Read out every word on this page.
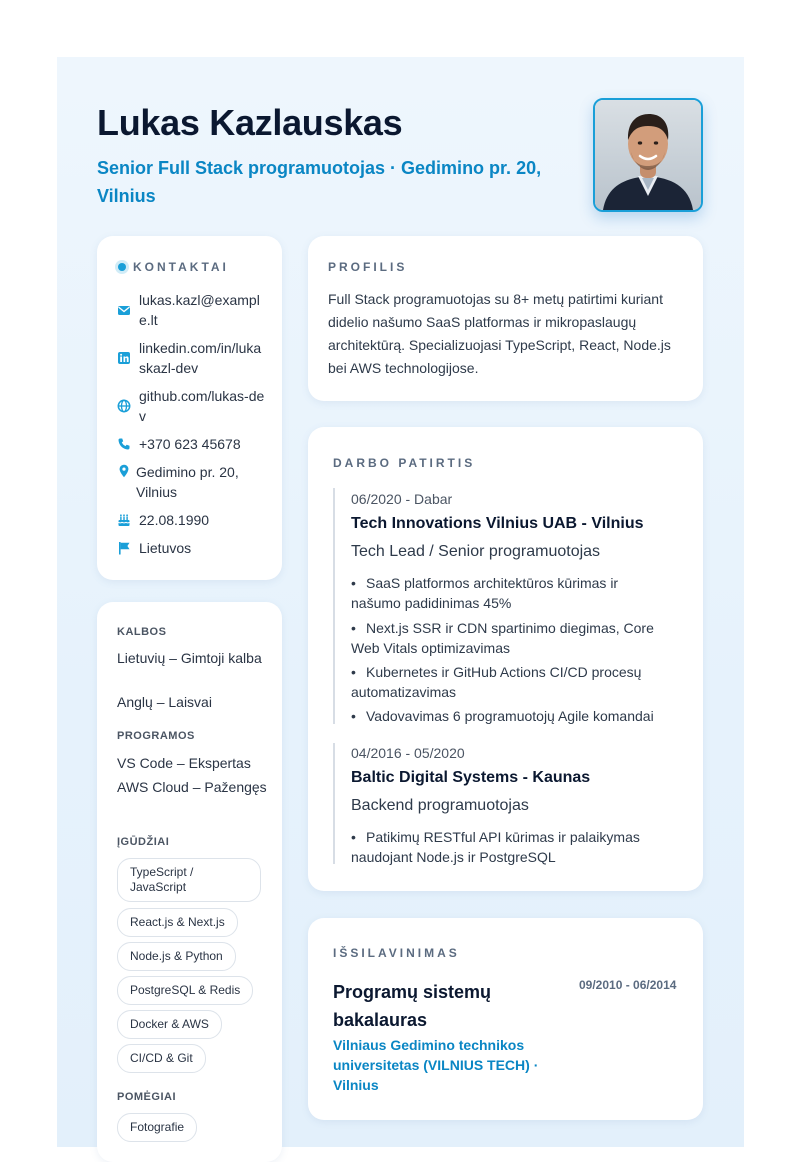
Lukas Kazlauskas

Senior Full Stack programuotojas · Gedimino pr. 20, Vilnius

KONTAKTAI
lukas.kazl@example.lt
linkedin.com/in/lukaskazl-dev
github.com/lukas-dev
+370 623 45678
Gedimino pr. 20, Vilnius
22.08.1990
Lietuvos
KALBOS

Lietuvių – Gimtoji kalba

Anglų – Laisvai

PROGRAMOS

VS Code – Ekspertas

AWS Cloud – Pažengęs

ĮGŪDŽIAI
TypeScript / JavaScript
React.js & Next.js
Node.js & Python
PostgreSQL & Redis
Docker & AWS
CI/CD & Git
POMĖGIAI
Fotografie
PROFILIS

Full Stack programuotojas su 8+ metų patirtimi kuriant didelio našumo SaaS platformas ir mikropaslaugų architektūrą. Specializuojasi TypeScript, React, Node.js bei AWS technologijose.

DARBO PATIRTIS

06/2020 - Dabar

Tech Innovations Vilnius UAB - Vilnius

Tech Lead / Senior programuotojas

• SaaS platformos architektūros kūrimas ir našumo padidinimas 45%

• Next.js SSR ir CDN spartinimo diegimas, Core Web Vitals optimizavimas

• Kubernetes ir GitHub Actions CI/CD procesų automatizavimas

• Vadovavimas 6 programuotojų Agile komandai

04/2016 - 05/2020

Baltic Digital Systems - Kaunas

Backend programuotojas

• Patikimų RESTful API kūrimas ir palaikymas naudojant Node.js ir PostgreSQL

IŠSILAVINIMAS

Programų sistemų bakalauras

09/2010 - 06/2014

Vilniaus Gedimino technikos universitetas (VILNIUS TECH) · Vilnius
